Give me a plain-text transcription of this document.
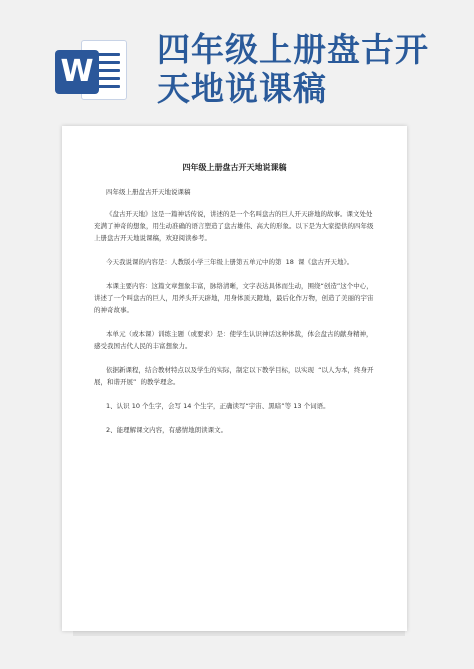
W
四年级上册盘古开
天地说课稿
四年级上册盘古开天地说课稿

四年级上册盘古开天地说课稿

《盘古开天地》这是一篇神话传说，讲述的是一个名叫盘古的巨人开天辟地的故事。课文处处充满了神奇的想象，用生动准确的语言塑造了盘古雄伟、高大的形象。以下是为大家提供的四年级上册盘古开天地说课稿，欢迎阅读参考。

今天我说课的内容是：人教版小学三年级上册第五单元中的第  18  课《盘古开天地》。

本课主要内容：这篇文章想象丰富，脉络清晰，文字表达具体而生动，围绕“创造”这个中心，讲述了一个叫盘古的巨人，用斧头开天辟地，用身体顶天蹬地，最后化作万物，创造了美丽的宇宙的神奇故事。

本单元（或本课）训练主题（或要求）是：使学生认识神话这种体裁，体会盘古的献身精神，感受我国古代人民的丰富想象力。

依据新课程，结合教材特点以及学生的实际，制定以下教学目标，以实现  “以人为本，终身开展，和谐开展”  的教学理念。

1、认识 10 个生字，会写 14 个生字，正确读写“宇宙、黑暗”等 13 个词语。

2、能理解课文内容，有感情地朗读课文。
